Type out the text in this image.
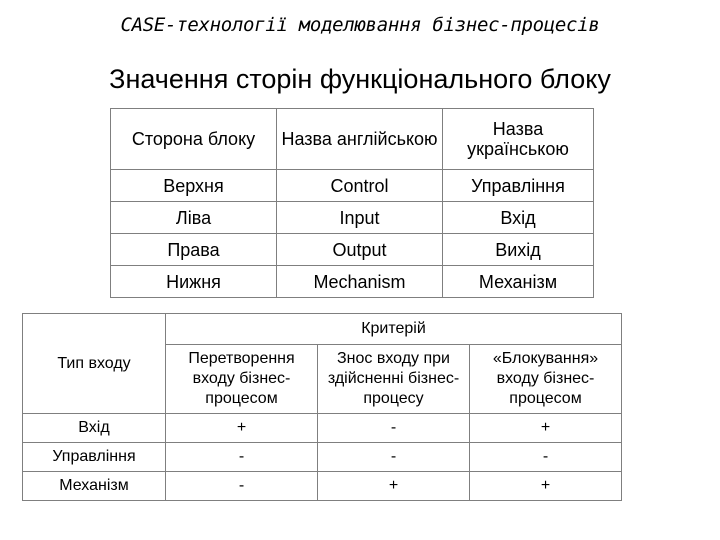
CASE-технології моделювання бізнес-процесів
Значення сторін функціонального блоку
Сторона блоку	Назва англійською	Назва українською
Верхня	Control	Управління
Ліва	Input	Вхід
Права	Output	Вихід
Нижня	Mechanism	Механізм
Тип входу	Критерій		
	Перетворення входу бізнес-процесом	Знос входу при здійсненні бізнес-процесу	«Блокування» входу бізнес-процесом
Вхід	+	-	+
Управління	-	-	-
Механізм	-	+	+
